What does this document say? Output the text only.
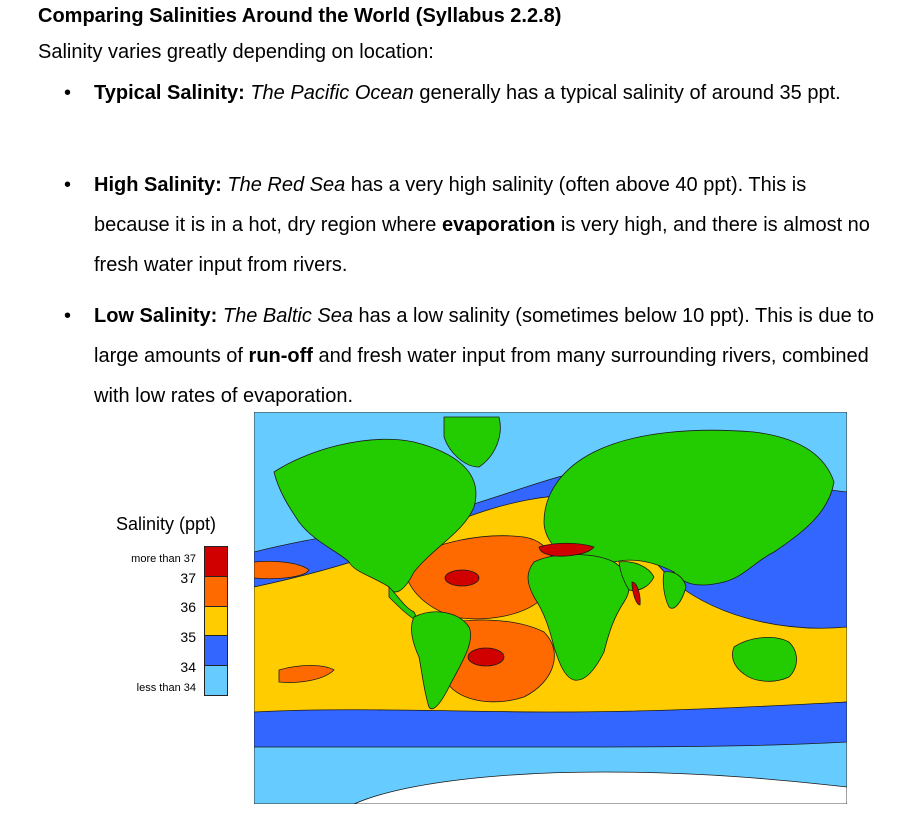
Comparing Salinities Around the World (Syllabus 2.2.8)

Salinity varies greatly depending on location:

• Typical Salinity: The Pacific Ocean generally has a typical salinity of around 35 ppt.
• High Salinity: The Red Sea has a very high salinity (often above 40 ppt). This is because it is in a hot, dry region where evaporation is very high, and there is almost no fresh water input from rivers.
• Low Salinity: The Baltic Sea has a low salinity (sometimes below 10 ppt). This is due to large amounts of run-off and fresh water input from many surrounding rivers, combined with low rates of evaporation.
Salinity (ppt)
more than 37
37
36
35
34
less than 34
